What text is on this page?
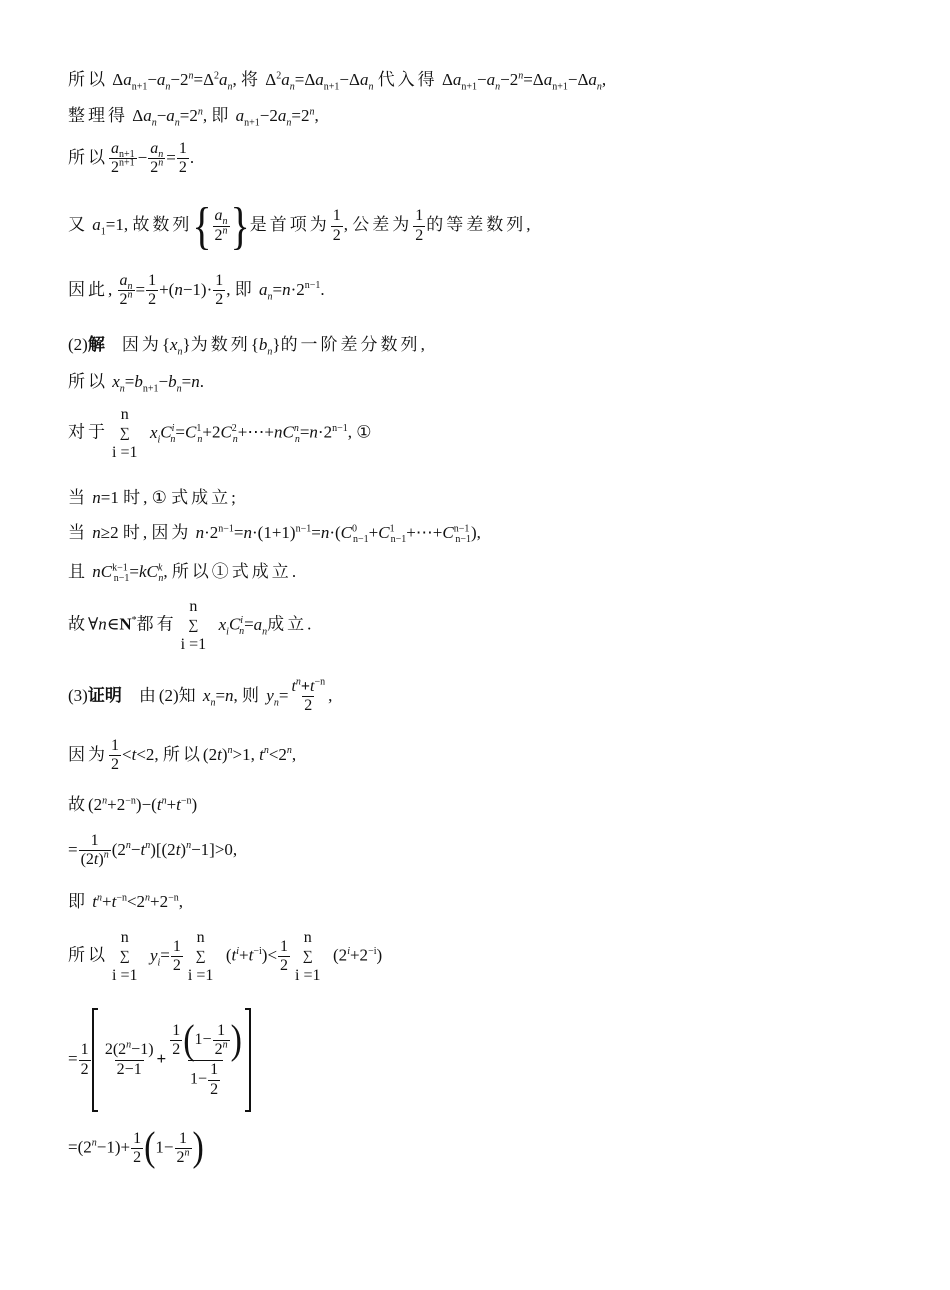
所以 $\Delta a_{n+1}-a_n-2^n=\Delta^2a_n$, 将 $\Delta^2a_n=\Delta a_{n+1}-\Delta a_n$ 代入得 $\Delta a_{n+1}-a_n-2^n=\Delta a_{n+1}-\Delta a_n$,
整理得 $\Delta a_n-a_n=2^n$, 即 $a_{n+1}-2a_n=2^n$,
所以 $\frac{a_{n+1}}{2^{n+1}} - \frac{a_n}{2^n} = \frac{1}{2}$ .
又 $a_1=1$, 故数列{ $\frac{a_n}{2^n}$ }是首项为 $\frac{1}{2}$ , 公差为 $\frac{1}{2}$ 的等差数列,
因此, $\frac{a_n}{2^n} = \frac{1}{2} +(n-1)\cdot \frac{1}{2}$ , 即 $a_n=n\cdot 2^{n-1}$.
(2)解 因为$\{x_n\}$为数列$\{b_n\}$的一阶差分数列,
所以 $x_n=b_{n+1}-b_n=n$.
对于
n
∑
i =1
$x_iC^i_n=C^1_n+2C^2_n+\cdots+nC^n_n=n\cdot 2^{n-1}$, ①
当 n=1 时, ① 式成立;
当 n≥2 时, 因为 $n\cdot 2^{n-1}=n\cdot(1+1)^{n-1}=n\cdot(C^0_{n-1}+C^1_{n-1}+\cdots+C^{n-1}_{n-1})$,
且 $nC^{k-1}_{n-1}=kC^k_n$, 所以①式成立.
故∀n∈N*都有
n
∑
i =1
$x_iC^i_n=a_n$成立.
(3)证明 由(2)知 $x_n=n$, 则 $y_n= \frac{t^n+t^{-n}}{2}$ ,
因为 $\frac{1}{2} <t<2$, 所以$(2t)^n>1$, $t^n<2^n$,
故$(2^n+2^{-n})-(t^n+t^{-n})$
= $\frac{1}{(2t)^n} (2^n-t^n)[(2t)^n-1]>0$,
即 $t^n+t^{-n}<2^n+2^{-n}$,
所以
n
∑
i =1
$y_i= \frac{1}{2}$
n
∑
i =1
$(t^i+t^{-i})< \frac{1}{2}$
n
∑
i =1
$(2^i+2^{-i})$
= $\frac{1}{2}$
$\frac{2(2^n-1)}{2-1} + \frac{\frac{1}{2} (1- \frac{1}{2^n} )}{1- \frac{1}{2}}$
$=(2^n-1)+ \frac{1}{2} (1- \frac{1}{2^n}$ )
